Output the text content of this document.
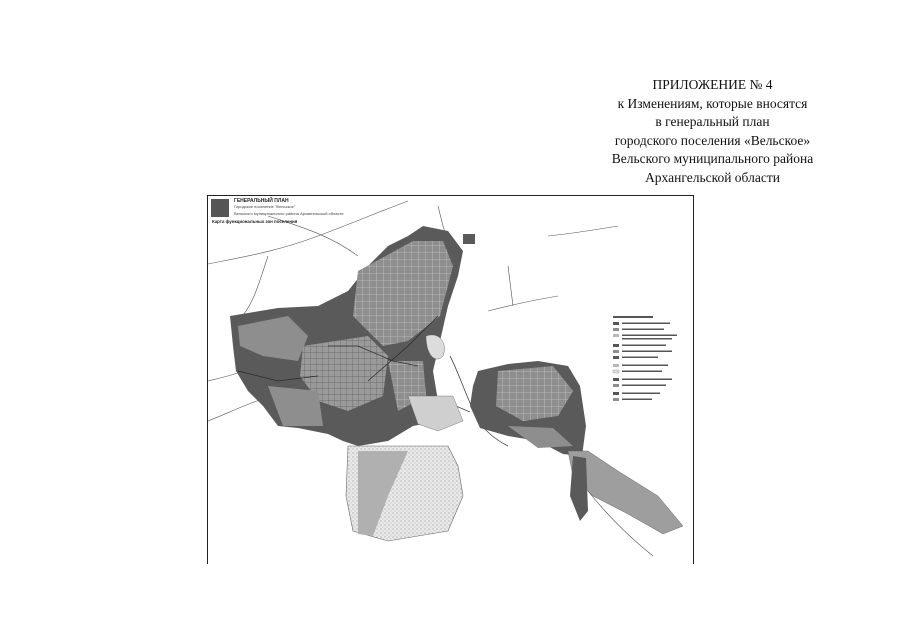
ПРИЛОЖЕНИЕ № 4
к Изменениям, которые вносятся
в генеральный план
городского поселения «Вельское»
Вельского муниципального района
Архангельской области
ГЕНЕРАЛЬНЫЙ ПЛАН
Городское поселение "Вельское"
Вельского муниципального района Архангельской области
Карта функциональных зон поселения
